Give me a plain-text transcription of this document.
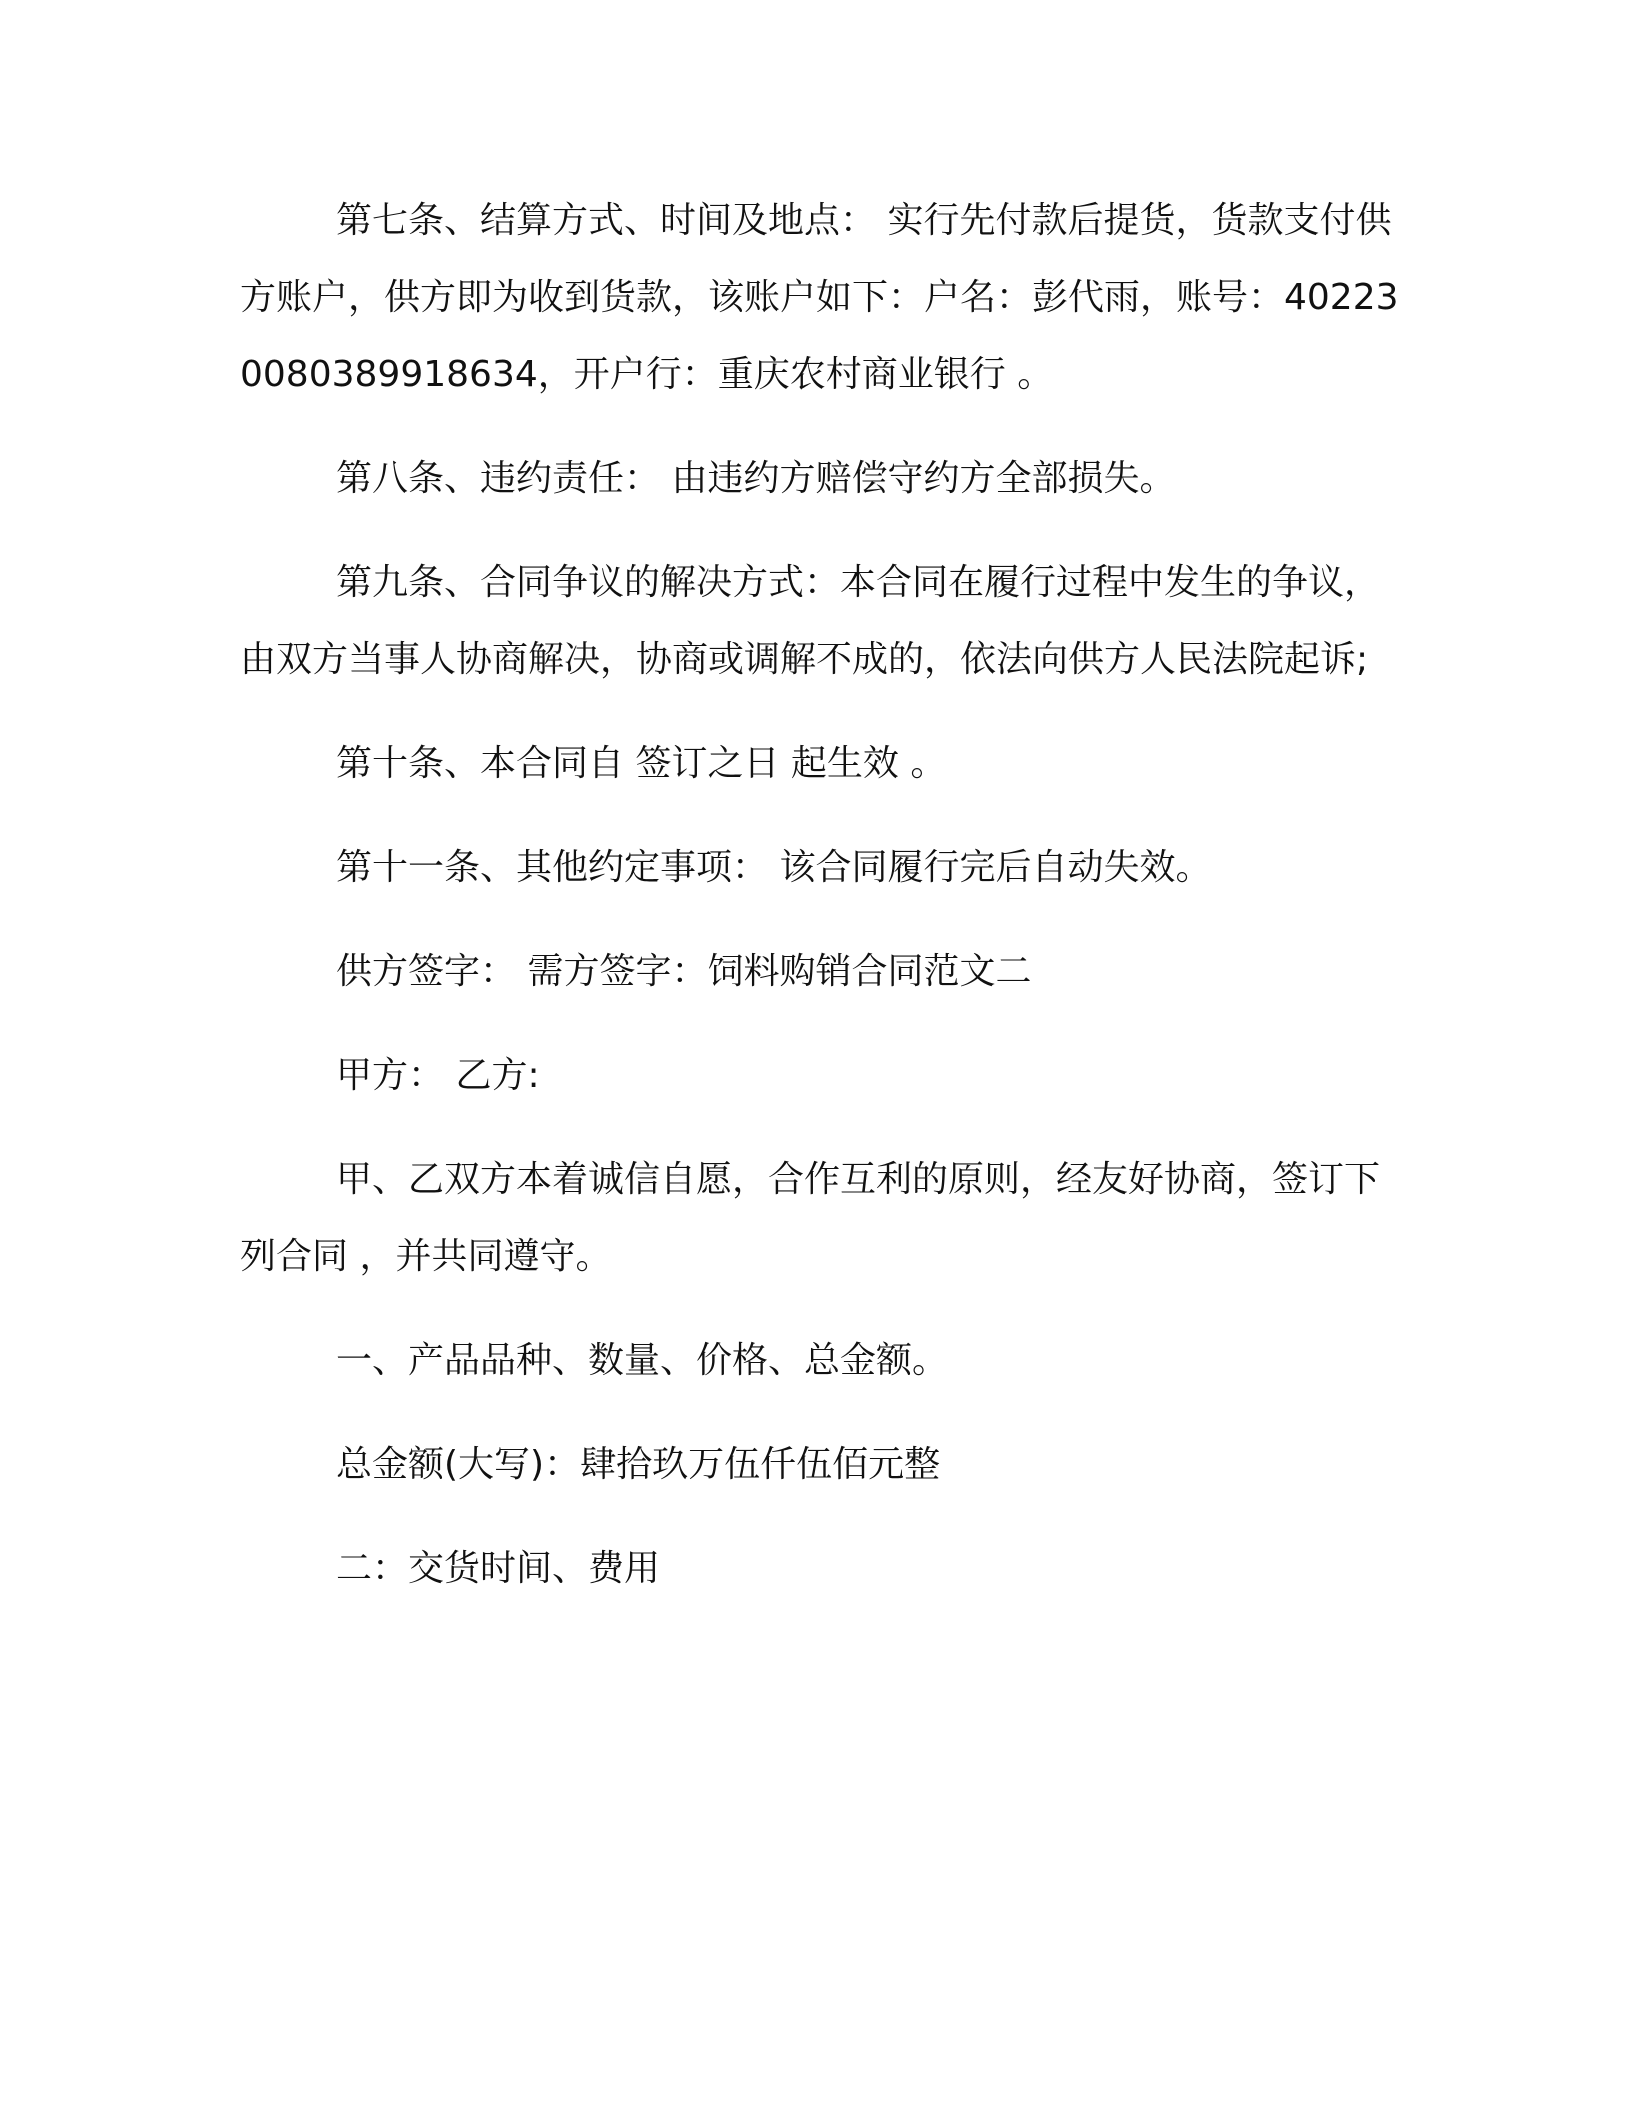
第七条、结算方式、时间及地点： 实行先付款后提货，货款支付供方账户，供方即为收到货款，该账户如下：户名：彭代雨，账号：402230080389918634，开户行：重庆农村商业银行 。

第八条、违约责任： 由违约方赔偿守约方全部损失。

第九条、合同争议的解决方式：本合同在履行过程中发生的争议，由双方当事人协商解决，协商或调解不成的，依法向供方人民法院起诉;

第十条、本合同自 签订之日 起生效 。

第十一条、其他约定事项： 该合同履行完后自动失效。

供方签字： 需方签字：饲料购销合同范文二

甲方： 乙方:

甲、乙双方本着诚信自愿，合作互利的原则，经友好协商，签订下列合同 ，并共同遵守。

一、产品品种、数量、价格、总金额。

总金额(大写)：肆拾玖万伍仟伍佰元整

二：交货时间、费用
